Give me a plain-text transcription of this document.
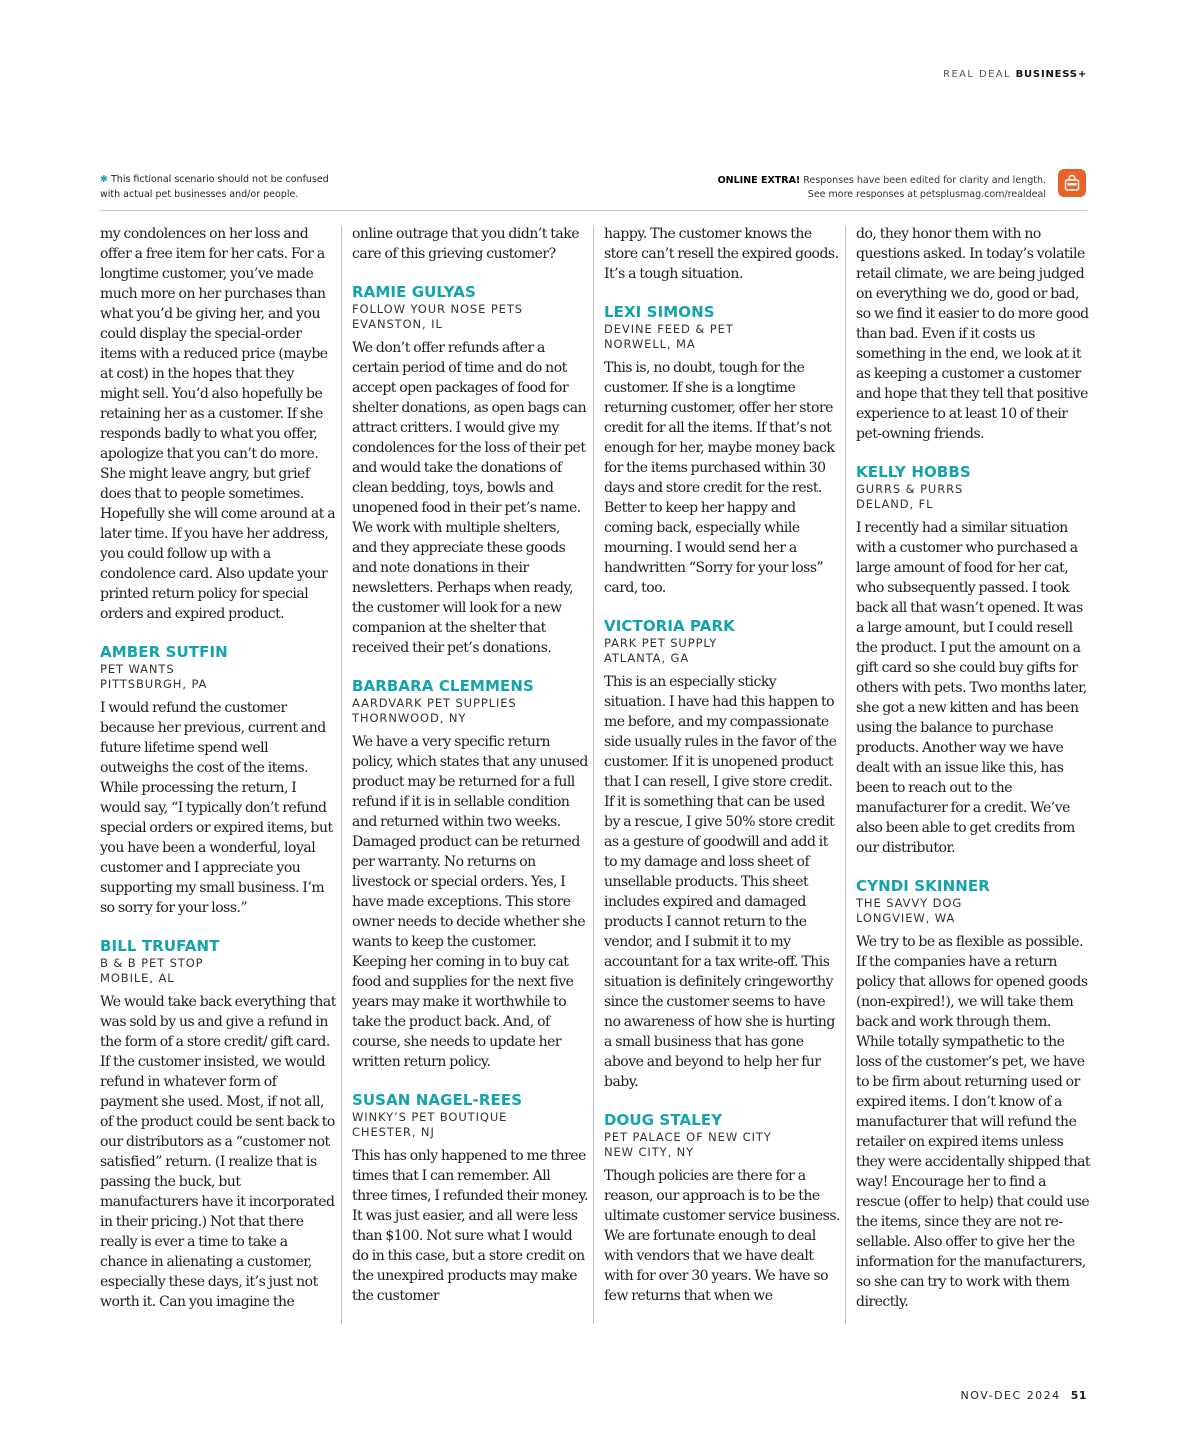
REAL DEAL BUSINESS+
✱ This fictional scenario should not be confused with actual pet businesses and/or people.
ONLINE EXTRA! Responses have been edited for clarity and length.
See more responses at petsplusmag.com/realdeal

my condolences on her loss and offer a free item for her cats. For a longtime customer, you’ve made much more on her purchases than what you’d be giving her, and you could display the special-order items with a reduced price (maybe at cost) in the hopes that they might sell. You’d also hopefully be retaining her as a customer. If she responds badly to what you offer, apologize that you can’t do more. She might leave angry, but grief does that to people sometimes. Hopefully she will come around at a later time. If you have her address, you could follow up with a condolence card. Also update your printed return policy for special orders and expired product.

AMBER SUTFIN
PET WANTS
PITTSBURGH, PA

I would refund the customer because her previous, current and future lifetime spend well outweighs the cost of the items. While processing the return, I would say, “I typically don’t refund special orders or expired items, but you have been a wonderful, loyal customer and I appreciate you supporting my small business. I’m so sorry for your loss.”

BILL TRUFANT
B & B PET STOP
MOBILE, AL

We would take back everything that was sold by us and give a refund in the form of a store credit/ gift card. If the customer insisted, we would refund in whatever form of payment she used. Most, if not all, of the product could be sent back to our distributors as a “customer not satisfied” return. (I realize that is passing the buck, but manufacturers have it incorporated in their pricing.) Not that there really is ever a time to take a chance in alienating a customer, especially these days, it’s just not worth it. Can you imagine the

online outrage that you didn’t take care of this grieving customer?

RAMIE GULYAS
FOLLOW YOUR NOSE PETS
EVANSTON, IL

We don’t offer refunds after a certain period of time and do not accept open packages of food for shelter donations, as open bags can attract critters. I would give my condolences for the loss of their pet and would take the donations of clean bedding, toys, bowls and unopened food in their pet’s name. We work with multiple shelters, and they appreciate these goods and note donations in their newsletters. Perhaps when ready, the customer will look for a new companion at the shelter that received their pet’s donations.

BARBARA CLEMMENS
AARDVARK PET SUPPLIES
THORNWOOD, NY

We have a very specific return policy, which states that any unused product may be returned for a full refund if it is in sellable condition and returned within two weeks. Damaged product can be returned per warranty. No returns on livestock or special orders. Yes, I have made exceptions. This store owner needs to decide whether she wants to keep the customer. Keeping her coming in to buy cat food and supplies for the next five years may make it worthwhile to take the product back. And, of course, she needs to update her written return policy.

SUSAN NAGEL-REES
WINKY’S PET BOUTIQUE
CHESTER, NJ

This has only happened to me three times that I can remember. All three times, I refunded their money. It was just easier, and all were less than $100. Not sure what I would do in this case, but a store credit on the unexpired products may make the customer

happy. The customer knows the store can’t resell the expired goods. It’s a tough situation.

LEXI SIMONS
DEVINE FEED & PET
NORWELL, MA

This is, no doubt, tough for the customer. If she is a longtime returning customer, offer her store credit for all the items. If that’s not enough for her, maybe money back for the items purchased within 30 days and store credit for the rest. Better to keep her happy and coming back, especially while mourning. I would send her a handwritten “Sorry for your loss” card, too.

VICTORIA PARK
PARK PET SUPPLY
ATLANTA, GA

This is an especially sticky situation. I have had this happen to me before, and my compassionate side usually rules in the favor of the customer. If it is unopened product that I can resell, I give store credit. If it is something that can be used by a rescue, I give 50% store credit as a gesture of goodwill and add it to my damage and loss sheet of unsellable products. This sheet includes expired and damaged products I cannot return to the vendor, and I submit it to my accountant for a tax write-off. This situation is definitely cringeworthy since the customer seems to have no awareness of how she is hurting a small business that has gone above and beyond to help her fur baby.

DOUG STALEY
PET PALACE OF NEW CITY
NEW CITY, NY

Though policies are there for a reason, our approach is to be the ultimate customer service business. We are fortunate enough to deal with vendors that we have dealt with for over 30 years. We have so few returns that when we

do, they honor them with no questions asked. In today’s volatile retail climate, we are being judged on everything we do, good or bad, so we find it easier to do more good than bad. Even if it costs us something in the end, we look at it as keeping a customer a customer and hope that they tell that positive experience to at least 10 of their pet-owning friends.

KELLY HOBBS
GURRS & PURRS
DELAND, FL

I recently had a similar situation with a customer who purchased a large amount of food for her cat, who subsequently passed. I took back all that wasn’t opened. It was a large amount, but I could resell the product. I put the amount on a gift card so she could buy gifts for others with pets. Two months later, she got a new kitten and has been using the balance to purchase products. Another way we have dealt with an issue like this, has been to reach out to the manufacturer for a credit. We’ve also been able to get credits from our distributor.

CYNDI SKINNER
THE SAVVY DOG
LONGVIEW, WA

We try to be as flexible as possible. If the companies have a return policy that allows for opened goods (non-expired!), we will take them back and work through them. While totally sympathetic to the loss of the customer’s pet, we have to be firm about returning used or expired items. I don’t know of a manufacturer that will refund the retailer on expired items unless they were accidentally shipped that way! Encourage her to find a rescue (offer to help) that could use the items, since they are not re-sellable. Also offer to give her the information for the manufacturers, so she can try to work with them directly.

NOV-DEC 2024 51
